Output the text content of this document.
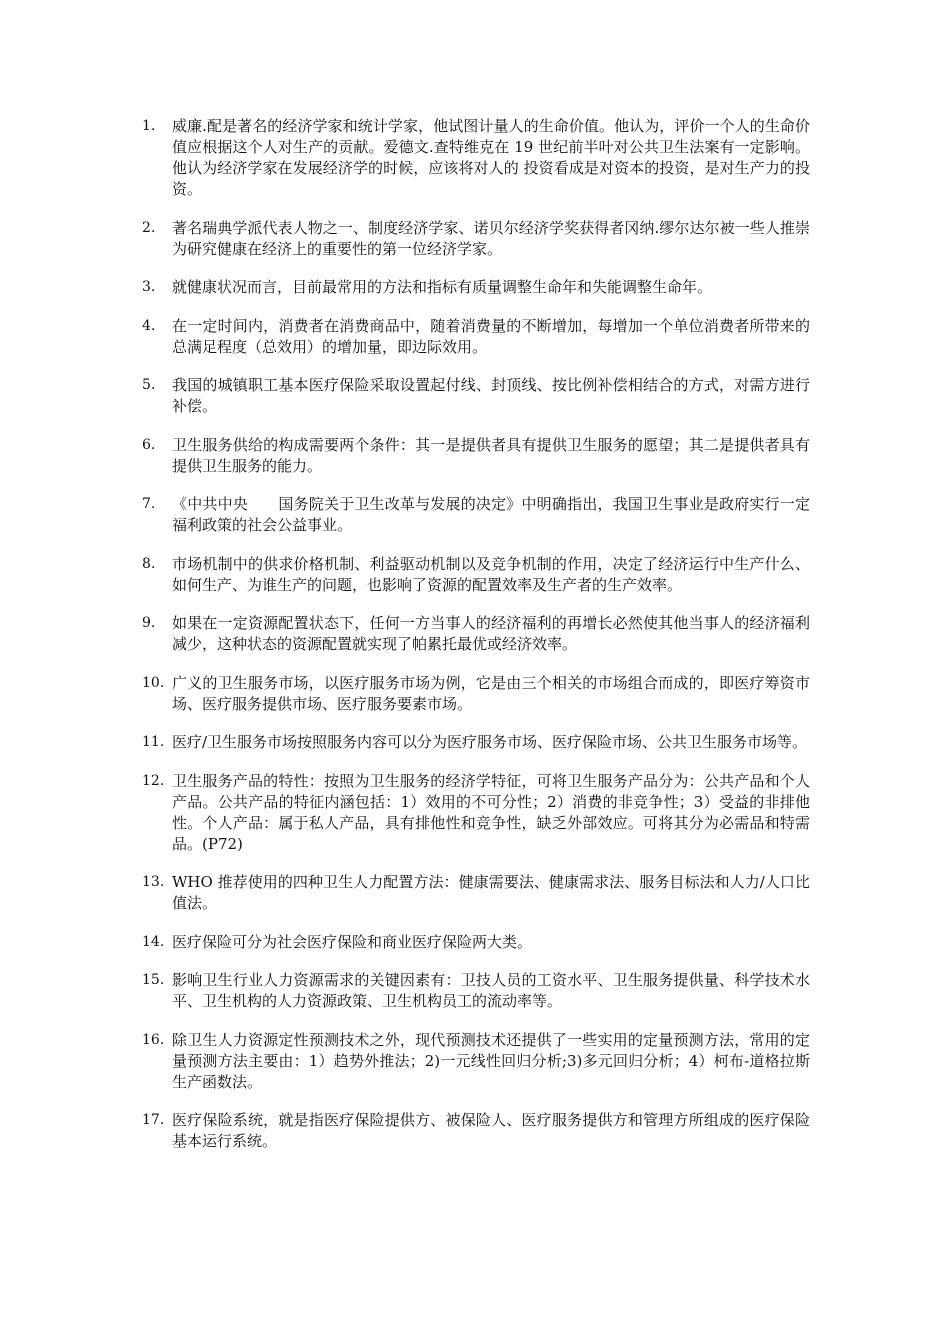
1.	威廉.配是著名的经济学家和统计学家，他试图计量人的生命价值。他认为，评价一个人的生命价值应根据这个人对生产的贡献。爱德文.查特维克在 19 世纪前半叶对公共卫生法案有一定影响。他认为经济学家在发展经济学的时候，应该将对人的 投资看成是对资本的投资，是对生产力的投资。
2.	著名瑞典学派代表人物之一、制度经济学家、诺贝尔经济学奖获得者冈纳.缪尔达尔被一些人推崇为研究健康在经济上的重要性的第一位经济学家。
3.	就健康状况而言，目前最常用的方法和指标有质量调整生命年和失能调整生命年。
4.	在一定时间内，消费者在消费商品中，随着消费量的不断增加，每增加一个单位消费者所带来的总满足程度（总效用）的增加量，即边际效用。
5.	我国的城镇职工基本医疗保险采取设置起付线、封顶线、按比例补偿相结合的方式，对需方进行补偿。
6.	卫生服务供给的构成需要两个条件：其一是提供者具有提供卫生服务的愿望；其二是提供者具有提供卫生服务的能力。
7.	《中共中央　　国务院关于卫生改革与发展的决定》中明确指出，我国卫生事业是政府实行一定福利政策的社会公益事业。
8.	市场机制中的供求价格机制、利益驱动机制以及竞争机制的作用，决定了经济运行中生产什么、如何生产、为谁生产的问题，也影响了资源的配置效率及生产者的生产效率。
9.	如果在一定资源配置状态下，任何一方当事人的经济福利的再增长必然使其他当事人的经济福利减少，这种状态的资源配置就实现了帕累托最优或经济效率。
10. 广义的卫生服务市场，以医疗服务市场为例，它是由三个相关的市场组合而成的，即医疗筹资市场、医疗服务提供市场、医疗服务要素市场。
11. 医疗/卫生服务市场按照服务内容可以分为医疗服务市场、医疗保险市场、公共卫生服务市场等。
12. 卫生服务产品的特性：按照为卫生服务的经济学特征，可将卫生服务产品分为：公共产品和个人产品。公共产品的特征内涵包括：1）效用的不可分性；2）消费的非竞争性；3）受益的非排他性。个人产品：属于私人产品，具有排他性和竞争性，缺乏外部效应。可将其分为必需品和特需品。(P72)
13. WHO 推荐使用的四种卫生人力配置方法：健康需要法、健康需求法、服务目标法和人力/人口比值法。
14. 医疗保险可分为社会医疗保险和商业医疗保险两大类。
15. 影响卫生行业人力资源需求的关键因素有：卫技人员的工资水平、卫生服务提供量、科学技术水平、卫生机构的人力资源政策、卫生机构员工的流动率等。
16. 除卫生人力资源定性预测技术之外，现代预测技术还提供了一些实用的定量预测方法，常用的定量预测方法主要由：1）趋势外推法；2)一元线性回归分析;3)多元回归分析；4）柯布-道格拉斯生产函数法。
17. 医疗保险系统，就是指医疗保险提供方、被保险人、医疗服务提供方和管理方所组成的医疗保险基本运行系统。
